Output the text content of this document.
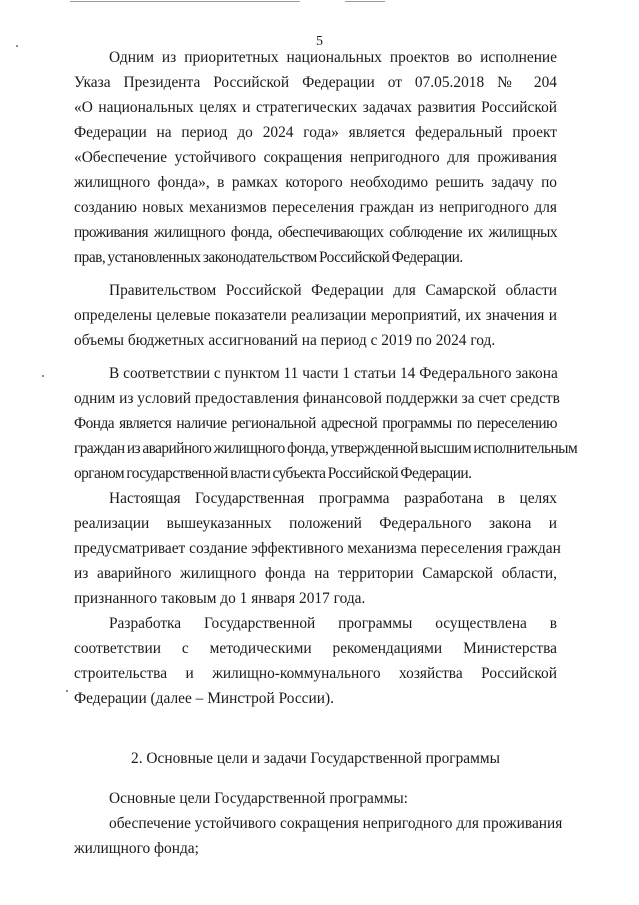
5

Одним из приоритетных национальных проектов во исполнение
Указа Президента Российской Федерации от 07.05.2018 № 204
«О национальных целях и стратегических задачах развития Российской
Федерации на период до 2024 года» является федеральный проект
«Обеспечение устойчивого сокращения непригодного для проживания
жилищного фонда», в рамках которого необходимо решить задачу по
созданию новых механизмов переселения граждан из непригодного для
проживания жилищного фонда, обеспечивающих соблюдение их жилищных
прав, установленных законодательством Российской Федерации.

Правительством Российской Федерации для Самарской области
определены целевые показатели реализации мероприятий, их значения и
объемы бюджетных ассигнований на период с 2019 по 2024 год.

В соответствии с пунктом 11 части 1 статьи 14 Федерального закона
одним из условий предоставления финансовой поддержки за счет средств
Фонда является наличие региональной адресной программы по переселению
граждан из аварийного жилищного фонда, утвержденной высшим исполнительным
органом государственной власти субъекта Российской Федерации.

Настоящая Государственная программа разработана в целях
реализации вышеуказанных положений Федерального закона и
предусматривает создание эффективного механизма переселения граждан
из аварийного жилищного фонда на территории Самарской области,
признанного таковым до 1 января 2017 года.

Разработка Государственной программы осуществлена в
соответствии с методическими рекомендациями Министерства
строительства и жилищно-коммунального хозяйства Российской
Федерации (далее – Минстрой России).

2. Основные цели и задачи Государственной программы

Основные цели Государственной программы:

обеспечение устойчивого сокращения непригодного для проживания
жилищного фонда;
